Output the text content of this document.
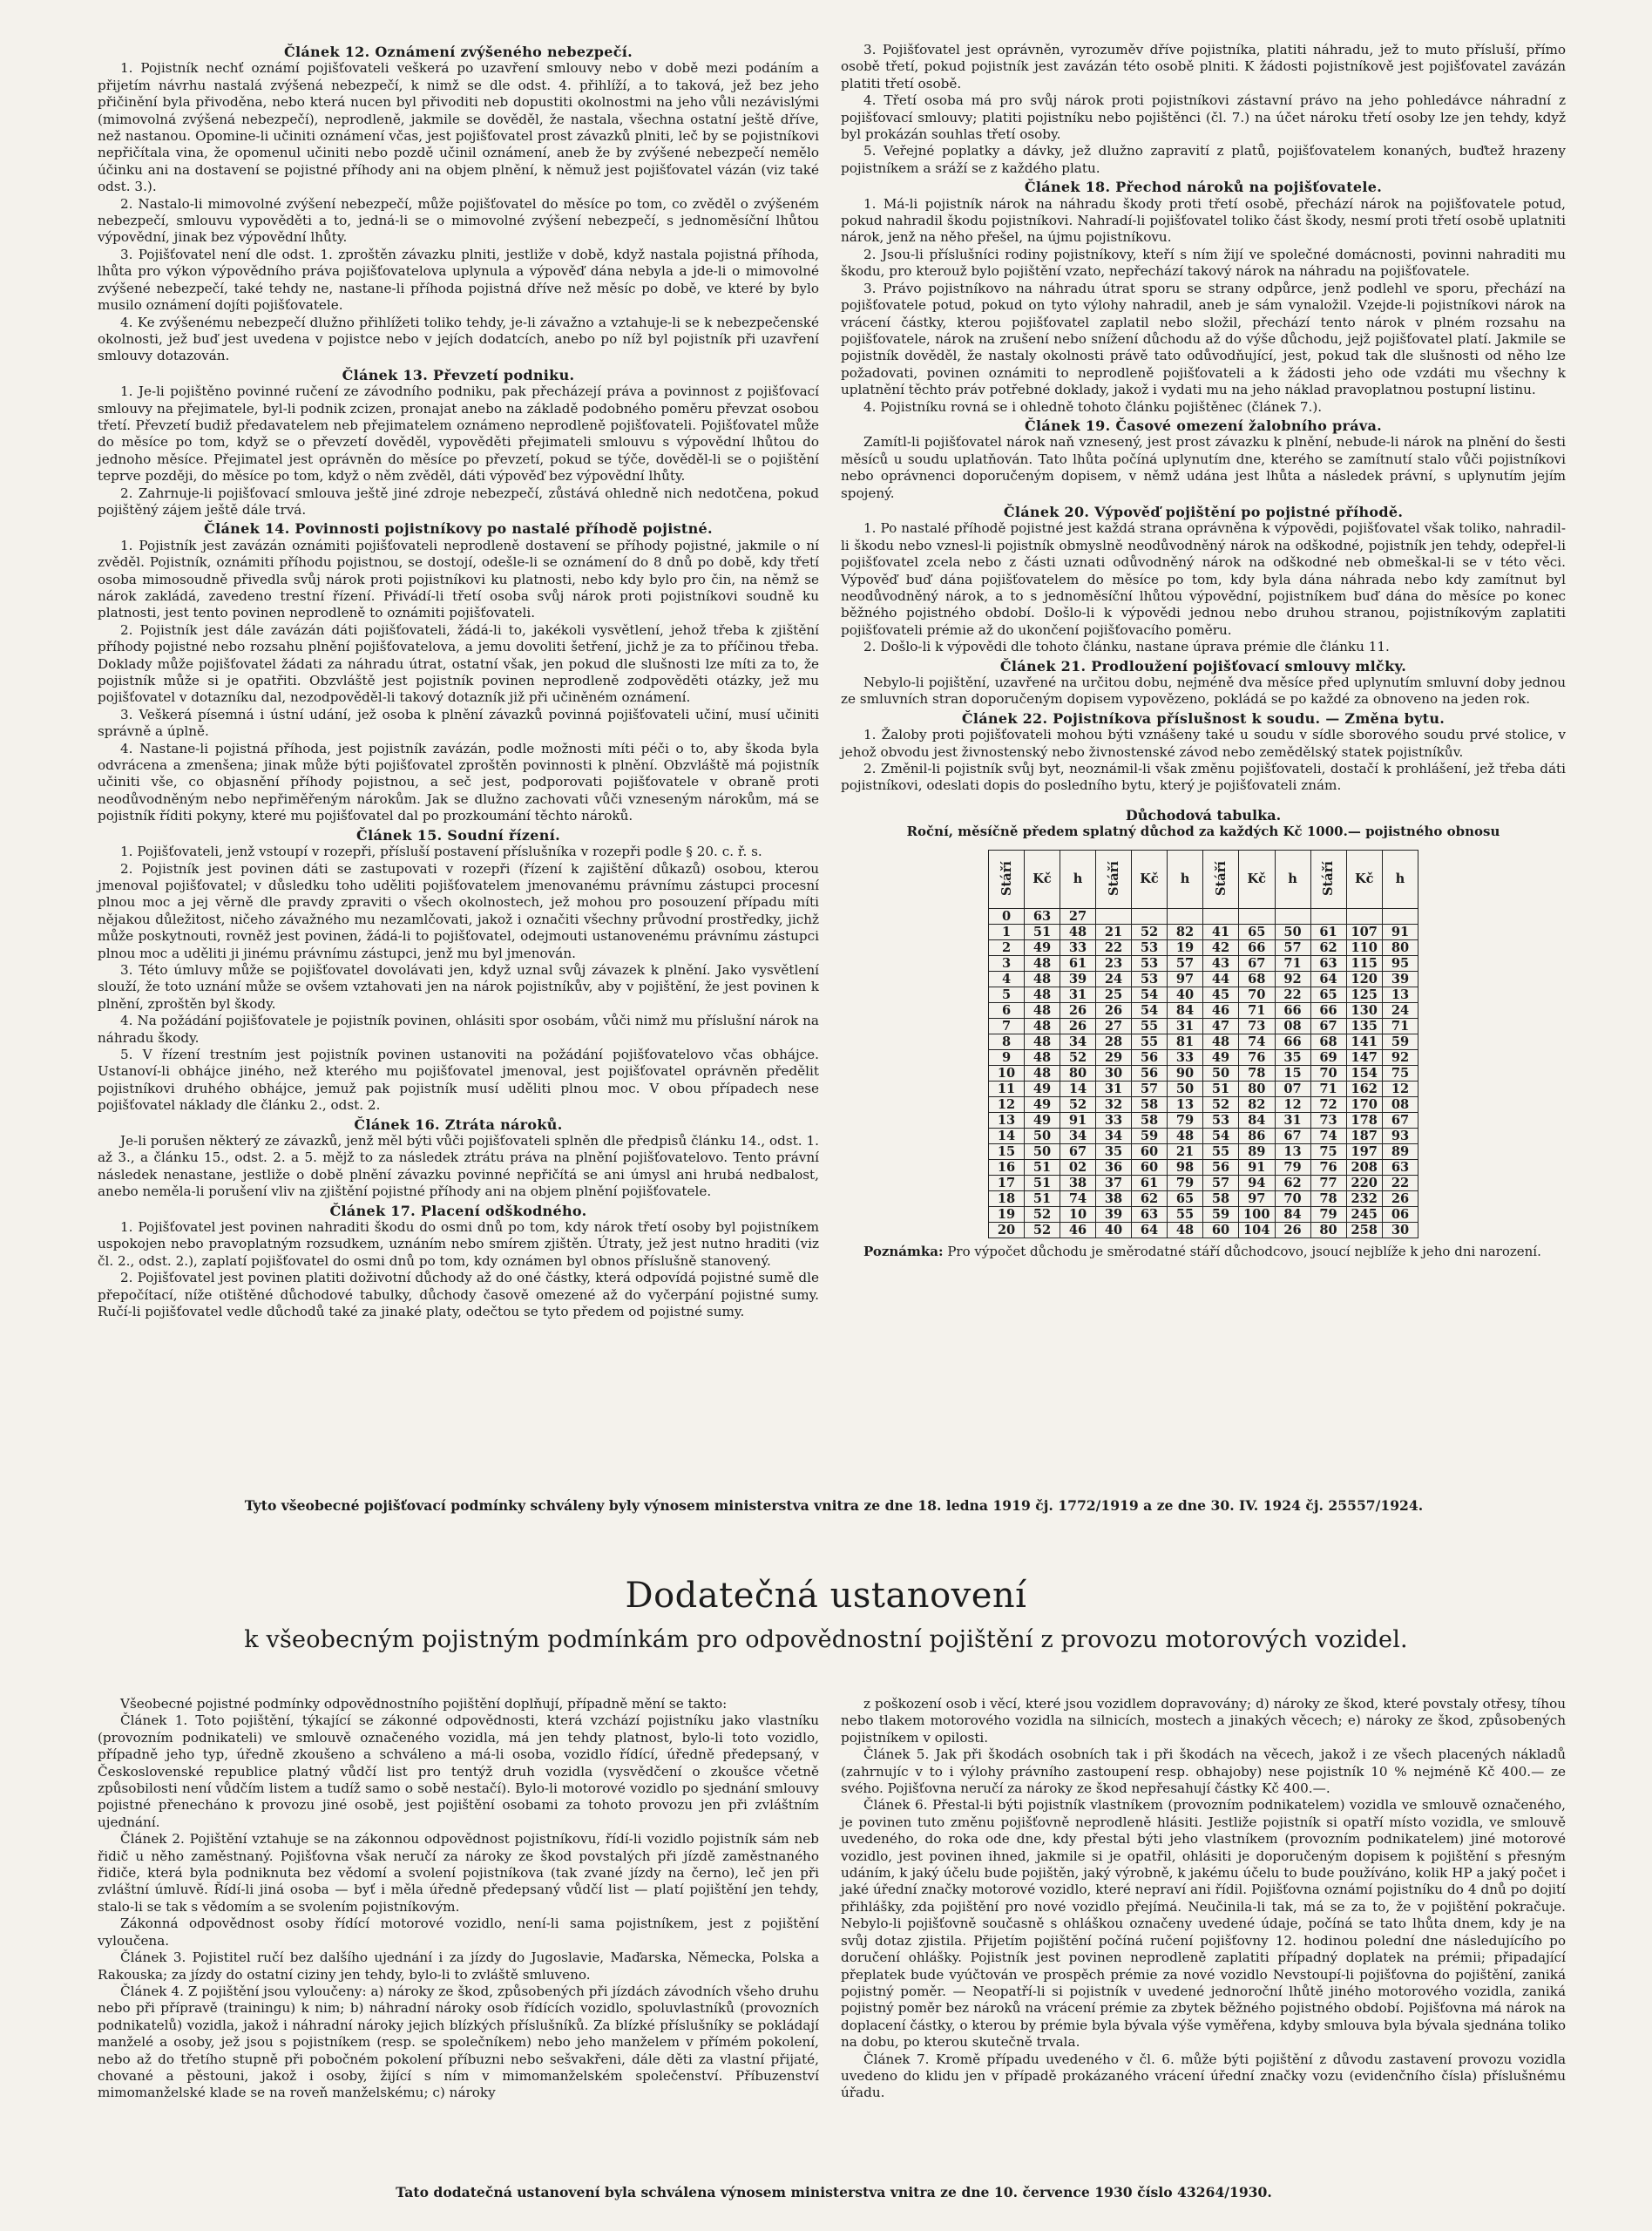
Článek 12. Oznámení zvýšeného nebezpečí.

1. Pojistník nechť oznámí pojišťovateli veškerá po uzavření smlouvy nebo v době mezi podáním a přijetím návrhu nastalá zvýšená nebezpečí, k nimž se dle odst. 4. přihlíží, a to taková, jež bez jeho přičinění byla přivoděna, nebo která nucen byl přivoditi neb dopustiti okolnostmi na jeho vůli nezávislými (mimovolná zvýšená nebezpečí), neprodleně, jakmile se dověděl, že nastala, všechna ostatní ještě dříve, než nastanou. Opomine-li učiniti oznámení včas, jest pojišťovatel prost závazků plniti, leč by se pojistníkovi nepřičítala vina, že opomenul učiniti nebo pozdě učinil oznámení, aneb že by zvýšené nebezpečí nemělo účinku ani na dostavení se pojistné příhody ani na objem plnění, k němuž jest pojišťovatel vázán (viz také odst. 3.).

2. Nastalo-li mimovolné zvýšení nebezpečí, může pojišťovatel do měsíce po tom, co zvěděl o zvýšeném nebezpečí, smlouvu vypověděti a to, jedná-li se o mimovolné zvýšení nebezpečí, s jednoměsíční lhůtou výpovědní, jinak bez výpovědní lhůty.

3. Pojišťovatel není dle odst. 1. zproštěn závazku plniti, jestliže v době, když nastala pojistná příhoda, lhůta pro výkon výpovědního práva pojišťovatelova uplynula a výpověď dána nebyla a jde-li o mimovolné zvýšené nebezpečí, také tehdy ne, nastane-li příhoda pojistná dříve než měsíc po době, ve které by bylo musilo oznámení dojíti pojišťovatele.

4. Ke zvýšenému nebezpečí dlužno přihlížeti toliko tehdy, je-li závažno a vztahuje-li se k nebezpečenské okolnosti, jež buď jest uvedena v pojistce nebo v jejích dodatcích, anebo po níž byl pojistník při uzavření smlouvy dotazován.

Článek 13. Převzetí podniku.

1. Je-li pojištěno povinné ručení ze závodního podniku, pak přecházejí práva a povinnost z pojišťovací smlouvy na přejimatele, byl-li podnik zcizen, pronajat anebo na základě podobného poměru převzat osobou třetí. Převzetí budiž předavatelem neb přejimatelem oznámeno neprodleně pojišťovateli. Pojišťovatel může do měsíce po tom, když se o převzetí dověděl, vypověděti přejimateli smlouvu s výpovědní lhůtou do jednoho měsíce. Přejimatel jest oprávněn do měsíce po převzetí, pokud se týče, dověděl-li se o pojištění teprve později, do měsíce po tom, když o něm zvěděl, dáti výpověď bez výpovědní lhůty.

2. Zahrnuje-li pojišťovací smlouva ještě jiné zdroje nebezpečí, zůstává ohledně nich nedotčena, pokud pojištěný zájem ještě dále trvá.

Článek 14. Povinnosti pojistníkovy po nastalé příhodě pojistné.

1. Pojistník jest zavázán oznámiti pojišťovateli neprodleně dostavení se příhody pojistné, jakmile o ní zvěděl. Pojistník, oznámiti příhodu pojistnou, se dostojí, odešle-li se oznámení do 8 dnů po době, kdy třetí osoba mimosoudně přivedla svůj nárok proti pojistníkovi ku platnosti, nebo kdy bylo pro čin, na němž se nárok zakládá, zavedeno trestní řízení. Přivádí-li třetí osoba svůj nárok proti pojistníkovi soudně ku platnosti, jest tento povinen neprodleně to oznámiti pojišťovateli.

2. Pojistník jest dále zavázán dáti pojišťovateli, žádá-li to, jakékoli vysvětlení, jehož třeba k zjištění příhody pojistné nebo rozsahu plnění pojišťovatelova, a jemu dovoliti šetření, jichž je za to příčinou třeba. Doklady může pojišťovatel žádati za náhradu útrat, ostatní však, jen pokud dle slušnosti lze míti za to, že pojistník může si je opatřiti. Obzvláště jest pojistník povinen neprodleně zodpověděti otázky, jež mu pojišťovatel v dotazníku dal, nezodpověděl-li takový dotazník již při učiněném oznámení.

3. Veškerá písemná i ústní udání, jež osoba k plnění závazků povinná pojišťovateli učiní, musí učiniti správně a úplně.

4. Nastane-li pojistná příhoda, jest pojistník zavázán, podle možnosti míti péči o to, aby škoda byla odvrácena a zmenšena; jinak může býti pojišťovatel zproštěn povinnosti k plnění. Obzvláště má pojistník učiniti vše, co objasnění příhody pojistnou, a seč jest, podporovati pojišťovatele v obraně proti neodůvodněným nebo nepřiměřeným nárokům. Jak se dlužno zachovati vůči vzneseným nárokům, má se pojistník říditi pokyny, které mu pojišťovatel dal po prozkoumání těchto nároků.

Článek 15. Soudní řízení.

1. Pojišťovateli, jenž vstoupí v rozepři, přísluší postavení příslušníka v rozepři podle § 20. c. ř. s.

2. Pojistník jest povinen dáti se zastupovati v rozepři (řízení k zajištění důkazů) osobou, kterou jmenoval pojišťovatel; v důsledku toho uděliti pojišťovatelem jmenovanému právnímu zástupci procesní plnou moc a jej věrně dle pravdy zpraviti o všech okolnostech, jež mohou pro posouzení případu míti nějakou důležitost, ničeho závažného mu nezamlčovati, jakož i označiti všechny průvodní prostředky, jichž může poskytnouti, rovněž jest povinen, žádá-li to pojišťovatel, odejmouti ustanovenému právnímu zástupci plnou moc a uděliti ji jinému právnímu zástupci, jenž mu byl jmenován.

3. Této úmluvy může se pojišťovatel dovolávati jen, když uznal svůj závazek k plnění. Jako vysvětlení slouží, že toto uznání může se ovšem vztahovati jen na nárok pojistníkův, aby v pojištění, že jest povinen k plnění, zproštěn byl škody.

4. Na požádání pojišťovatele je pojistník povinen, ohlásiti spor osobám, vůči nimž mu příslušní nárok na náhradu škody.

5. V řízení trestním jest pojistník povinen ustanoviti na požádání pojišťovatelovo včas obhájce. Ustanoví-li obhájce jiného, než kterého mu pojišťovatel jmenoval, jest pojišťovatel oprávněn předělit pojistníkovi druhého obhájce, jemuž pak pojistník musí uděliti plnou moc. V obou případech nese pojišťovatel náklady dle článku 2., odst. 2.

Článek 16. Ztráta nároků.

Je-li porušen některý ze závazků, jenž měl býti vůči pojišťovateli splněn dle předpisů článku 14., odst. 1. až 3., a článku 15., odst. 2. a 5. mějž to za následek ztrátu práva na plnění pojišťovatelovo. Tento právní následek nenastane, jestliže o době plnění závazku povinné nepřičítá se ani úmysl ani hrubá nedbalost, anebo neměla-li porušení vliv na zjištění pojistné příhody ani na objem plnění pojišťovatele.

Článek 17. Placení odškodného.

1. Pojišťovatel jest povinen nahraditi škodu do osmi dnů po tom, kdy nárok třetí osoby byl pojistníkem uspokojen nebo pravoplatným rozsudkem, uznáním nebo smírem zjištěn. Útraty, jež jest nutno hraditi (viz čl. 2., odst. 2.), zaplatí pojišťovatel do osmi dnů po tom, kdy oznámen byl obnos příslušně stanovený.

2. Pojišťovatel jest povinen platiti doživotní důchody až do oné částky, která odpovídá pojistné sumě dle přepočítací, níže otištěné důchodové tabulky, důchody časově omezené až do vyčerpání pojistné sumy. Ručí-li pojišťovatel vedle důchodů také za jinaké platy, odečtou se tyto předem od pojistné sumy.

3. Pojišťovatel jest oprávněn, vyrozuměv dříve pojistníka, platiti náhradu, jež to muto přísluší, přímo osobě třetí, pokud pojistník jest zavázán této osobě plniti. K žádosti pojistníkově jest pojišťovatel zavázán platiti třetí osobě.

4. Třetí osoba má pro svůj nárok proti pojistníkovi zástavní právo na jeho pohledávce náhradní z pojišťovací smlouvy; platiti pojistníku nebo pojištěnci (čl. 7.) na účet nároku třetí osoby lze jen tehdy, když byl prokázán souhlas třetí osoby.

5. Veřejné poplatky a dávky, jež dlužno zapravití z platů, pojišťovatelem konaných, buďtež hrazeny pojistníkem a sráží se z každého platu.

Článek 18. Přechod nároků na pojišťovatele.

1. Má-li pojistník nárok na náhradu škody proti třetí osobě, přechází nárok na pojišťovatele potud, pokud nahradil škodu pojistníkovi. Nahradí-li pojišťovatel toliko část škody, nesmí proti třetí osobě uplatniti nárok, jenž na něho přešel, na újmu pojistníkovu.

2. Jsou-li příslušníci rodiny pojistníkovy, kteří s ním žijí ve společné domácnosti, povinni nahraditi mu škodu, pro kterouž bylo pojištění vzato, nepřechází takový nárok na náhradu na pojišťovatele.

3. Právo pojistníkovo na náhradu útrat sporu se strany odpůrce, jenž podlehl ve sporu, přechází na pojišťovatele potud, pokud on tyto výlohy nahradil, aneb je sám vynaložil. Vzejde-li pojistníkovi nárok na vrácení částky, kterou pojišťovatel zaplatil nebo složil, přechází tento nárok v plném rozsahu na pojišťovatele, nárok na zrušení nebo snížení důchodu až do výše důchodu, jejž pojišťovatel platí. Jakmile se pojistník dověděl, že nastaly okolnosti právě tato odůvodňující, jest, pokud tak dle slušnosti od něho lze požadovati, povinen oznámiti to neprodleně pojišťovateli a k žádosti jeho ode vzdáti mu všechny k uplatnění těchto práv potřebné doklady, jakož i vydati mu na jeho náklad pravoplatnou postupní listinu.

4. Pojistníku rovná se i ohledně tohoto článku pojištěnec (článek 7.).

Článek 19. Časové omezení žalobního práva.

Zamítl-li pojišťovatel nárok naň vznesený, jest prost závazku k plnění, nebude-li nárok na plnění do šesti měsíců u soudu uplatňován. Tato lhůta počíná uplynutím dne, kterého se zamítnutí stalo vůči pojistníkovi nebo oprávnenci doporučeným dopisem, v němž udána jest lhůta a následek právní, s uplynutím jejím spojený.

Článek 20. Výpověď pojištění po pojistné příhodě.

1. Po nastalé příhodě pojistné jest každá strana oprávněna k výpovědi, pojišťovatel však toliko, nahradil-li škodu nebo vznesl-li pojistník obmyslně neodůvodněný nárok na odškodné, pojistník jen tehdy, odepřel-li pojišťovatel zcela nebo z části uznati odůvodněný nárok na odškodné neb obmeškal-li se v této věci. Výpověď buď dána pojišťovatelem do měsíce po tom, kdy byla dána náhrada nebo kdy zamítnut byl neodůvodněný nárok, a to s jednoměsíční lhůtou výpovědní, pojistníkem buď dána do měsíce po konec běžného pojistného období. Došlo-li k výpovědi jednou nebo druhou stranou, pojistníkovým zaplatiti pojišťovateli prémie až do ukončení pojišťovacího poměru.

2. Došlo-li k výpovědi dle tohoto článku, nastane úprava prémie dle článku 11.

Článek 21. Prodloužení pojišťovací smlouvy mlčky.

Nebylo-li pojištění, uzavřené na určitou dobu, nejméně dva měsíce před uplynutím smluvní doby jednou ze smluvních stran doporučeným dopisem vypovězeno, pokládá se po každé za obnoveno na jeden rok.

Článek 22. Pojistníkova příslušnost k soudu. — Změna bytu.

1. Žaloby proti pojišťovateli mohou býti vznášeny také u soudu v sídle sborového soudu prvé stolice, v jehož obvodu jest živnostenský nebo živnostenské závod nebo zemědělský statek pojistníkův.

2. Změnil-li pojistník svůj byt, neoznámil-li však změnu pojišťovateli, dostačí k prohlášení, jež třeba dáti pojistníkovi, odeslati dopis do posledního bytu, který je pojišťovateli znám.

Důchodová tabulka.
Roční, měsíčně předem splatný důchod za každých Kč 1000.— pojistného obnosu
Stáří	Kč	h	Stáří	Kč	h	Stáří	Kč	h	Stáří	Kč	h
0	63	27									
1	51	48	21	52	82	41	65	50	61	107	91
2	49	33	22	53	19	42	66	57	62	110	80
3	48	61	23	53	57	43	67	71	63	115	95
4	48	39	24	53	97	44	68	92	64	120	39
5	48	31	25	54	40	45	70	22	65	125	13
6	48	26	26	54	84	46	71	66	66	130	24
7	48	26	27	55	31	47	73	08	67	135	71
8	48	34	28	55	81	48	74	66	68	141	59
9	48	52	29	56	33	49	76	35	69	147	92
10	48	80	30	56	90	50	78	15	70	154	75
11	49	14	31	57	50	51	80	07	71	162	12
12	49	52	32	58	13	52	82	12	72	170	08
13	49	91	33	58	79	53	84	31	73	178	67
14	50	34	34	59	48	54	86	67	74	187	93
15	50	67	35	60	21	55	89	13	75	197	89
16	51	02	36	60	98	56	91	79	76	208	63
17	51	38	37	61	79	57	94	62	77	220	22
18	51	74	38	62	65	58	97	70	78	232	26
19	52	10	39	63	55	59	100	84	79	245	06
20	52	46	40	64	48	60	104	26	80	258	30

Poznámka: Pro výpočet důchodu je směrodatné stáří důchodcovo, jsoucí nejblíže k jeho dni narození.

Tyto všeobecné pojišťovací podmínky schváleny byly výnosem ministerstva vnitra ze dne 18. ledna 1919 čj. 1772/1919 a ze dne 30. IV. 1924 čj. 25557/1924.
Dodatečná ustanovení
k všeobecným pojistným podmínkám pro odpovědnostní pojištění z provozu motorových vozidel.

Všeobecné pojistné podmínky odpovědnostního pojištění doplňují, případně mění se takto:

Článek 1. Toto pojištění, týkající se zákonné odpovědnosti, která vzchází pojistníku jako vlastníku (provozním podnikateli) ve smlouvě označeného vozidla, má jen tehdy platnost, bylo-li toto vozidlo, případně jeho typ, úředně zkoušeno a schváleno a má-li osoba, vozidlo řídící, úředně předepsaný, v Československé republice platný vůdčí list pro tentýž druh vozidla (vysvědčení o zkoušce včetně způsobilosti není vůdčím listem a tudíž samo o sobě nestačí). Bylo-li motorové vozidlo po sjednání smlouvy pojistné přenecháno k provozu jiné osobě, jest pojištění osobami za tohoto provozu jen při zvláštním ujednání.

Článek 2. Pojištění vztahuje se na zákonnou odpovědnost pojistníkovu, řídí-li vozidlo pojistník sám neb řidič u něho zaměstnaný. Pojišťovna však neručí za nároky ze škod povstalých při jízdě zaměstnaného řidiče, která byla podniknuta bez vědomí a svolení pojistníkova (tak zvané jízdy na černo), leč jen při zvláštní úmluvě. Řídí-li jiná osoba — byť i měla úředně předepsaný vůdčí list — platí pojištění jen tehdy, stalo-li se tak s vědomím a se svolením pojistníkovým.

Zákonná odpovědnost osoby řídící motorové vozidlo, není-li sama pojistníkem, jest z pojištění vyloučena.

Článek 3. Pojistitel ručí bez dalšího ujednání i za jízdy do Jugoslavie, Maďarska, Německa, Polska a Rakouska; za jízdy do ostatní ciziny jen tehdy, bylo-li to zvláště smluveno.

Článek 4. Z pojištění jsou vyloučeny: a) nároky ze škod, způsobených při jízdách závodních všeho druhu nebo při přípravě (trainingu) k nim; b) náhradní nároky osob řídících vozidlo, spoluvlastníků (provozních podnikatelů) vozidla, jakož i náhradní nároky jejich blízkých příslušníků. Za blízké příslušníky se pokládají manželé a osoby, jež jsou s pojistníkem (resp. se společníkem) nebo jeho manželem v přímém pokolení, nebo až do třetího stupně při pobočném pokolení příbuzni nebo sešvakřeni, dále děti za vlastní přijaté, chované a pěstouni, jakož i osoby, žijící s ním v mimomanželském společenství. Příbuzenství mimomanželské klade se na roveň manželskému; c) nároky

z poškození osob i věcí, které jsou vozidlem dopravovány; d) nároky ze škod, které povstaly otřesy, tíhou nebo tlakem motorového vozidla na silnicích, mostech a jinakých věcech; e) nároky ze škod, způsobených pojistníkem v opilosti.

Článek 5. Jak při škodách osobních tak i při škodách na věcech, jakož i ze všech placených nákladů (zahrnujíc v to i výlohy právního zastoupení resp. obhajoby) nese pojistník 10 % nejméně Kč 400.— ze svého. Pojišťovna neručí za nároky ze škod nepřesahují částky Kč 400.—.

Článek 6. Přestal-li býti pojistník vlastníkem (provozním podnikatelem) vozidla ve smlouvě označeného, je povinen tuto změnu pojišťovně neprodleně hlásiti. Jestliže pojistník si opatří místo vozidla, ve smlouvě uvedeného, do roka ode dne, kdy přestal býti jeho vlastníkem (provozním podnikatelem) jiné motorové vozidlo, jest povinen ihned, jakmile si je opatřil, ohlásiti je doporučeným dopisem k pojištění s přesným udáním, k jaký účelu bude pojištěn, jaký výrobně, k jakému účelu to bude používáno, kolik HP a jaký počet i jaké úřední značky motorové vozidlo, které nepraví ani řídil. Pojišťovna oznámí pojistníku do 4 dnů po dojití přihlášky, zda pojištění pro nové vozidlo přejímá. Neučinila-li tak, má se za to, že v pojištění pokračuje. Nebylo-li pojišťovně současně s ohláškou označeny uvedené údaje, počíná se tato lhůta dnem, kdy je na svůj dotaz zjistila. Přijetím pojištění počíná ručení pojišťovny 12. hodinou polední dne následujícího po doručení ohlášky. Pojistník jest povinen neprodleně zaplatiti případný doplatek na prémii; připadající přeplatek bude vyúčtován ve prospěch prémie za nové vozidlo Nevstoupí-li pojišťovna do pojištění, zaniká pojistný poměr. — Neopatří-li si pojistník v uvedené jednoroční lhůtě jiného motorového vozidla, zaniká pojistný poměr bez nároků na vrácení prémie za zbytek běžného pojistného období. Pojišťovna má nárok na doplacení částky, o kterou by prémie byla bývala výše vyměřena, kdyby smlouva byla bývala sjednána toliko na dobu, po kterou skutečně trvala.

Článek 7. Kromě případu uvedeného v čl. 6. může býti pojištění z důvodu zastavení provozu vozidla uvedeno do klidu jen v případě prokázaného vrácení úřední značky vozu (evidenčního čísla) příslušnému úřadu.

Tato dodatečná ustanovení byla schválena výnosem ministerstva vnitra ze dne 10. července 1930 číslo 43264/1930.
